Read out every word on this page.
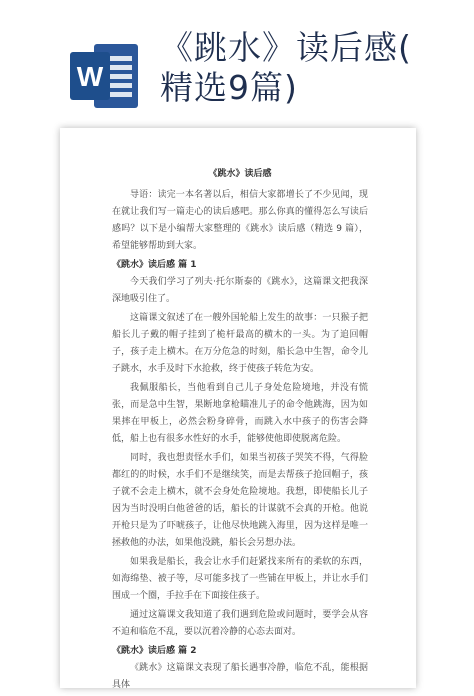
W
《跳水》读后感(
精选9篇)
《跳水》读后感

导语：读完一本名著以后，相信大家都增长了不少见闻，现在就让我们写一篇走心的读后感吧。那么你真的懂得怎么写读后感吗？以下是小编帮大家整理的《跳水》读后感（精选 9 篇），希望能够帮助到大家。

《跳水》读后感 篇 1

今天我们学习了列夫·托尔斯泰的《跳水》，这篇课文把我深深地吸引住了。

这篇课文叙述了在一艘外国轮船上发生的故事：一只猴子把船长儿子戴的帽子挂到了桅杆最高的横木的一头。为了追回帽子，孩子走上横木。在万分危急的时刻，船长急中生智，命令儿子跳水，水手及时下水抢救，终于使孩子转危为安。

我佩服船长，当他看到自己儿子身处危险境地，并没有慌张，而是急中生智，果断地拿枪瞄准儿子的命令他跳海，因为如果摔在甲板上，必然会粉身碎骨，而跳入水中孩子的伤害会降低，船上也有很多水性好的水手，能够使他即使脱离危险。

同时，我也想责怪水手们，如果当初孩子哭笑不得，气得脸都红的的时候，水手们不是继续笑，而是去帮孩子抢回帽子，孩子就不会走上横木，就不会身处危险境地。我想，即使船长儿子因为当时没明白他爸爸的话，船长的计谋就不会真的开枪。他说开枪只是为了吓唬孩子，让他尽快地跳入海里，因为这样是唯一拯救他的办法，如果他没跳，船长会另想办法。

如果我是船长，我会让水手们赶紧找来所有的柔软的东西，如海绵垫、被子等，尽可能多找了一些铺在甲板上，并让水手们围成一个圈，手拉手在下面接住孩子。

通过这篇课文我知道了我们遇到危险或问题时，要学会从容不迫和临危不乱，要以沉着冷静的心态去面对。

《跳水》读后感 篇 2

《跳水》这篇课文表现了船长遇事冷静，临危不乱，能根据具体
